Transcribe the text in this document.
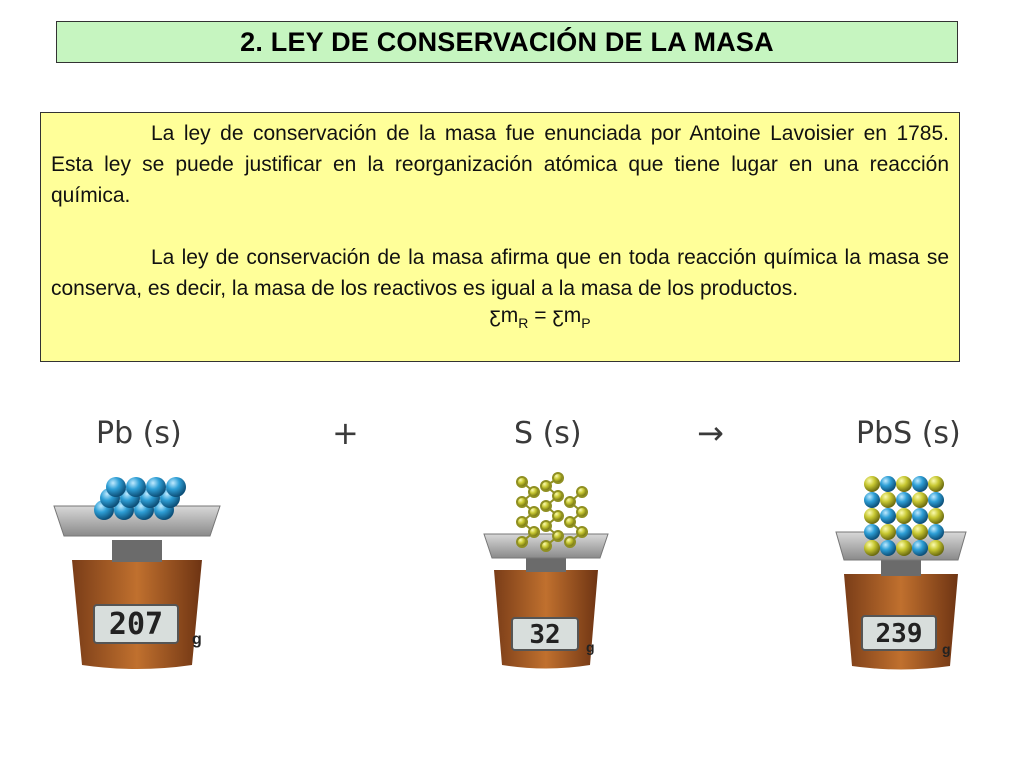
2. LEY DE CONSERVACIÓN DE LA MASA

La ley de conservación de la masa fue enunciada por Antoine Lavoisier en 1785. Esta ley se puede justificar en la reorganización atómica que tiene lugar en una reacción química.

La ley de conservación de la masa afirma que en toda reacción química la masa se conserva, es decir, la masa de los reactivos es igual a la masa de los productos.

$ƹm_R$ = $ƹm_P$
Pb (s)	+	S (s)	→	PbS (s)
207 g	32 g	239 g
